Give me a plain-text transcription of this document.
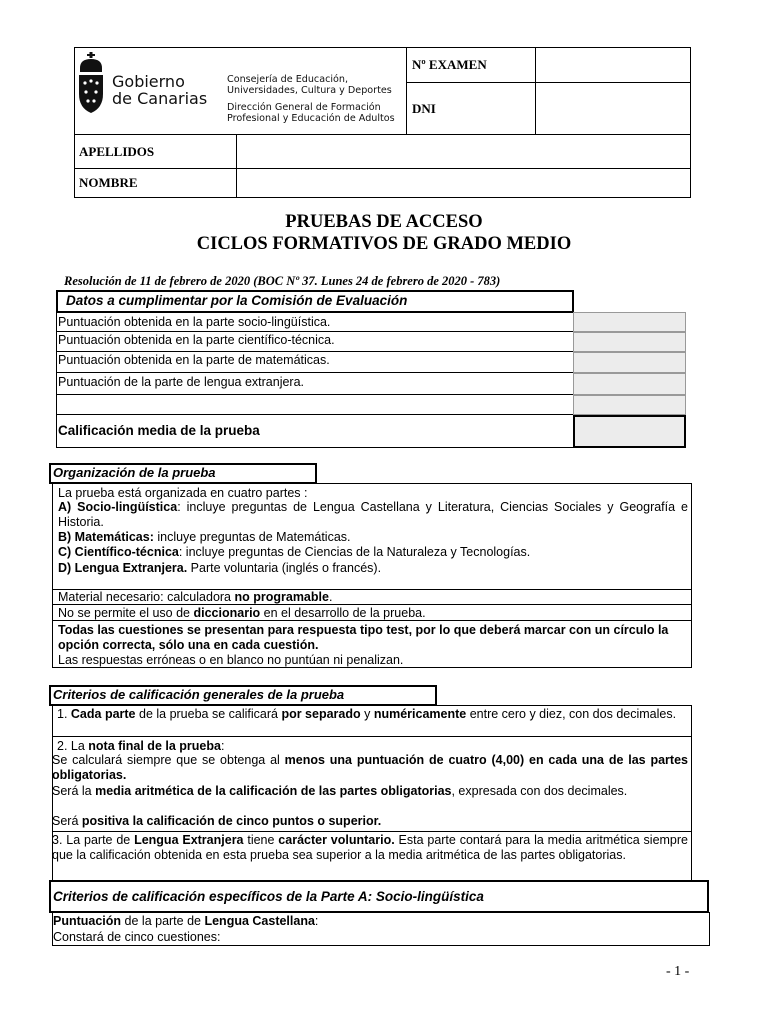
Gobierno
de Canarias
Consejería de Educación,
Universidades, Cultura y Deportes
Dirección General de Formación
Profesional y Educación de Adultos
Nº EXAMEN
DNI
APELLIDOS
NOMBRE
PRUEBAS DE ACCESO
CICLOS FORMATIVOS DE GRADO MEDIO
Resolución de 11 de febrero de 2020 (BOC Nº 37. Lunes 24 de febrero de 2020 - 783)
Datos a cumplimentar por la Comisión de Evaluación
Puntuación obtenida en la parte socio-lingüística.
Puntuación obtenida en la parte científico-técnica.
Puntuación obtenida en la parte de matemáticas.
Puntuación de la parte de lengua extranjera.
Calificación media de la prueba
Organización de la prueba
La prueba está organizada en cuatro partes :
A) Socio-lingüística: incluye preguntas de Lengua Castellana y Literatura, Ciencias Sociales y Geografía e Historia.
B) Matemáticas: incluye preguntas de Matemáticas.
C) Científico-técnica: incluye preguntas de Ciencias de la Naturaleza y Tecnologías.
D) Lengua Extranjera. Parte voluntaria (inglés o francés).
Material necesario: calculadora no programable.
No se permite el uso de diccionario en el desarrollo de la prueba.
Todas las cuestiones se presentan para respuesta tipo test, por lo que deberá marcar con un círculo la opción correcta, sólo una en cada cuestión.
Las respuestas erróneas o en blanco no puntúan ni penalizan.
Criterios de calificación generales de la prueba
1. Cada parte de la prueba se calificará por separado y numéricamente entre cero y diez, con dos decimales.
2. La nota final de la prueba:
Se calculará siempre que se obtenga al menos una puntuación de cuatro (4,00) en cada una de las partes obligatorias.
Será la media aritmética de la calificación de las partes obligatorias, expresada con dos decimales.
Será positiva la calificación de cinco puntos o superior.
3. La parte de Lengua Extranjera tiene carácter voluntario. Esta parte contará para la media aritmética siempre que la calificación obtenida en esta prueba sea superior a la media aritmética de las partes obligatorias.
Criterios de calificación específicos de la Parte A: Socio-lingüística
Puntuación de la parte de Lengua Castellana:
Constará de cinco cuestiones:
- 1 -
